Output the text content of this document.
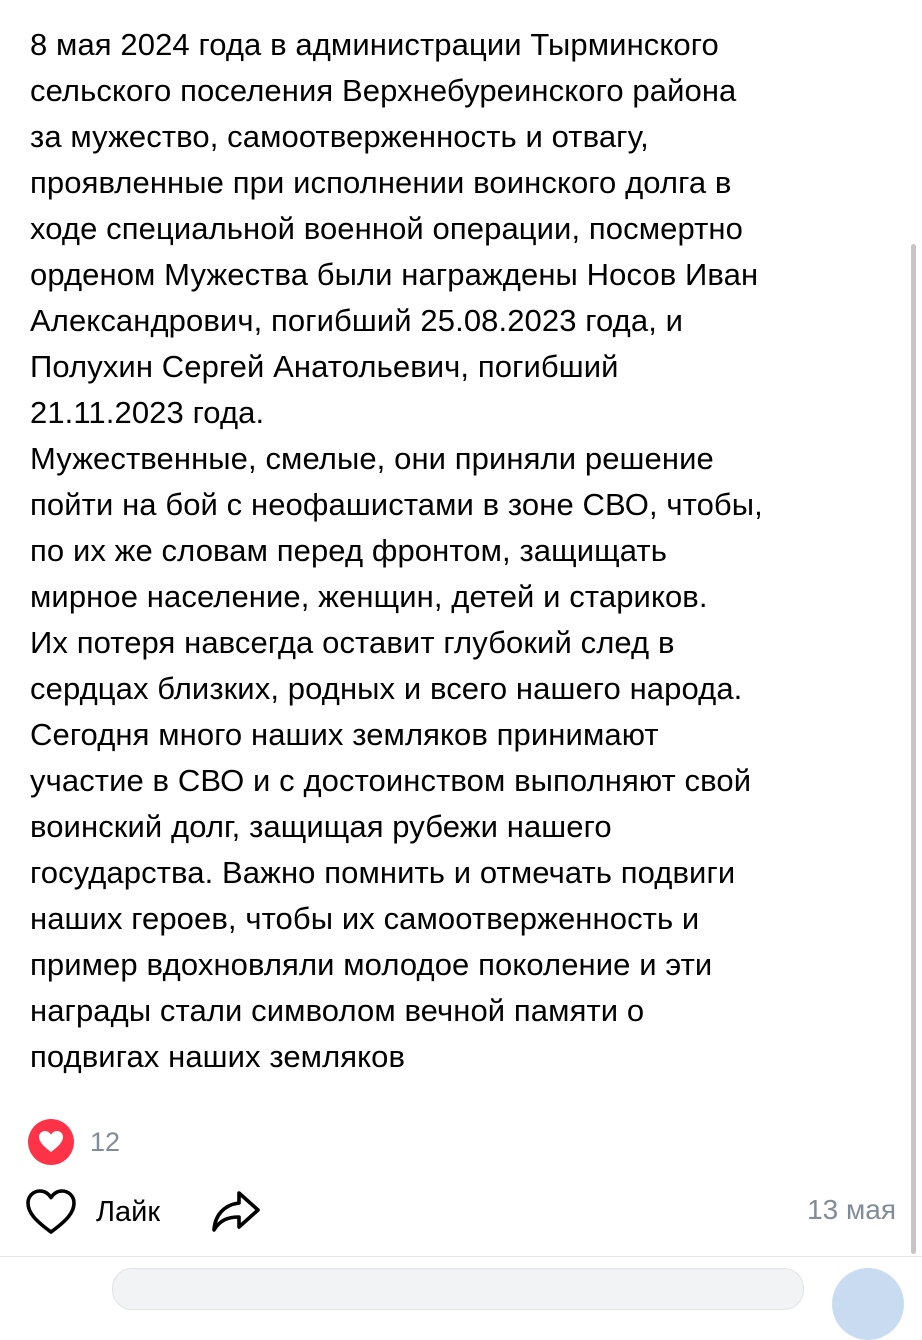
8 мая 2024 года в администрации Тырминского
сельского поселения Верхнебуреинского района
за мужество, самоотверженность и отвагу,
проявленные при исполнении воинского долга в
ходе специальной военной операции, посмертно
орденом Мужества были награждены Носов Иван
Александрович, погибший 25.08.2023 года, и
Полухин Сергей Анатольевич, погибший
21.11.2023 года.

Мужественные, смелые, они приняли решение
пойти на бой с неофашистами в зоне СВО, чтобы,
по их же словам перед фронтом, защищать
мирное население, женщин, детей и стариков.
Их потеря навсегда оставит глубокий след в
сердцах близких, родных и всего нашего народа.
Сегодня много наших земляков принимают
участие в СВО и с достоинством выполняют свой
воинский долг, защищая рубежи нашего
государства. Важно помнить и отмечать подвиги
наших героев, чтобы их самоотверженность и
пример вдохновляли молодое поколение и эти
награды стали символом вечной памяти о
подвигах наших земляков

12
Лайк	13 мая
